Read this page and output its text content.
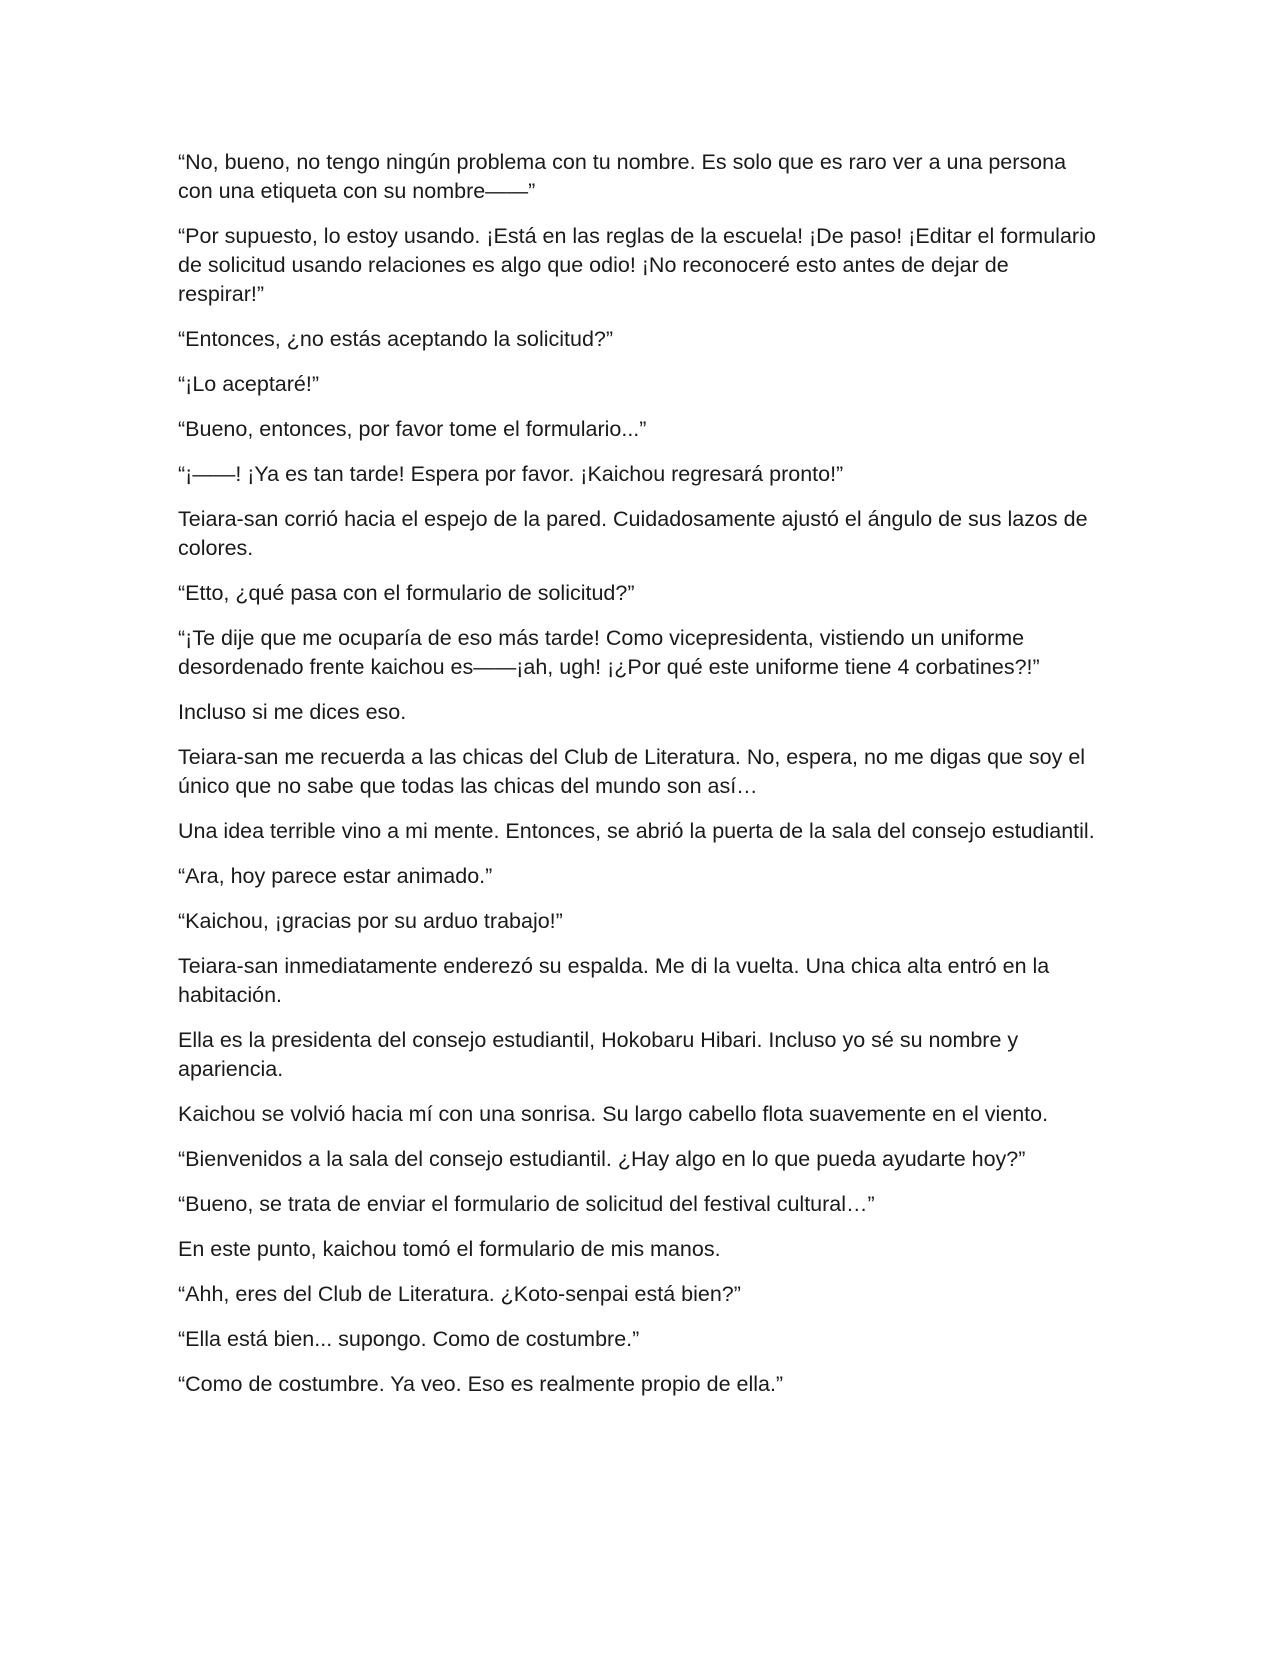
“No, bueno, no tengo ningún problema con tu nombre. Es solo que es raro ver a una persona con una etiqueta con su nombre——”

“Por supuesto, lo estoy usando. ¡Está en las reglas de la escuela! ¡De paso! ¡Editar el formulario de solicitud usando relaciones es algo que odio! ¡No reconoceré esto antes de dejar de respirar!”

“Entonces, ¿no estás aceptando la solicitud?”

“¡Lo aceptaré!”

“Bueno, entonces, por favor tome el formulario...”

“¡——! ¡Ya es tan tarde! Espera por favor. ¡Kaichou regresará pronto!”

Teiara-san corrió hacia el espejo de la pared. Cuidadosamente ajustó el ángulo de sus lazos de colores.

“Etto, ¿qué pasa con el formulario de solicitud?”

“¡Te dije que me ocuparía de eso más tarde! Como vicepresidenta, vistiendo un uniforme desordenado frente kaichou es——¡ah, ugh! ¡¿Por qué este uniforme tiene 4 corbatines?!”

Incluso si me dices eso.

Teiara-san me recuerda a las chicas del Club de Literatura. No, espera, no me digas que soy el único que no sabe que todas las chicas del mundo son así…

Una idea terrible vino a mi mente. Entonces, se abrió la puerta de la sala del consejo estudiantil.

“Ara, hoy parece estar animado.”

“Kaichou, ¡gracias por su arduo trabajo!”

Teiara-san inmediatamente enderezó su espalda. Me di la vuelta. Una chica alta entró en la habitación.

Ella es la presidenta del consejo estudiantil, Hokobaru Hibari. Incluso yo sé su nombre y apariencia.

Kaichou se volvió hacia mí con una sonrisa. Su largo cabello flota suavemente en el viento.

“Bienvenidos a la sala del consejo estudiantil. ¿Hay algo en lo que pueda ayudarte hoy?”

“Bueno, se trata de enviar el formulario de solicitud del festival cultural…”

En este punto, kaichou tomó el formulario de mis manos.

“Ahh, eres del Club de Literatura. ¿Koto-senpai está bien?”

“Ella está bien... supongo. Como de costumbre.”

“Como de costumbre. Ya veo. Eso es realmente propio de ella.”
